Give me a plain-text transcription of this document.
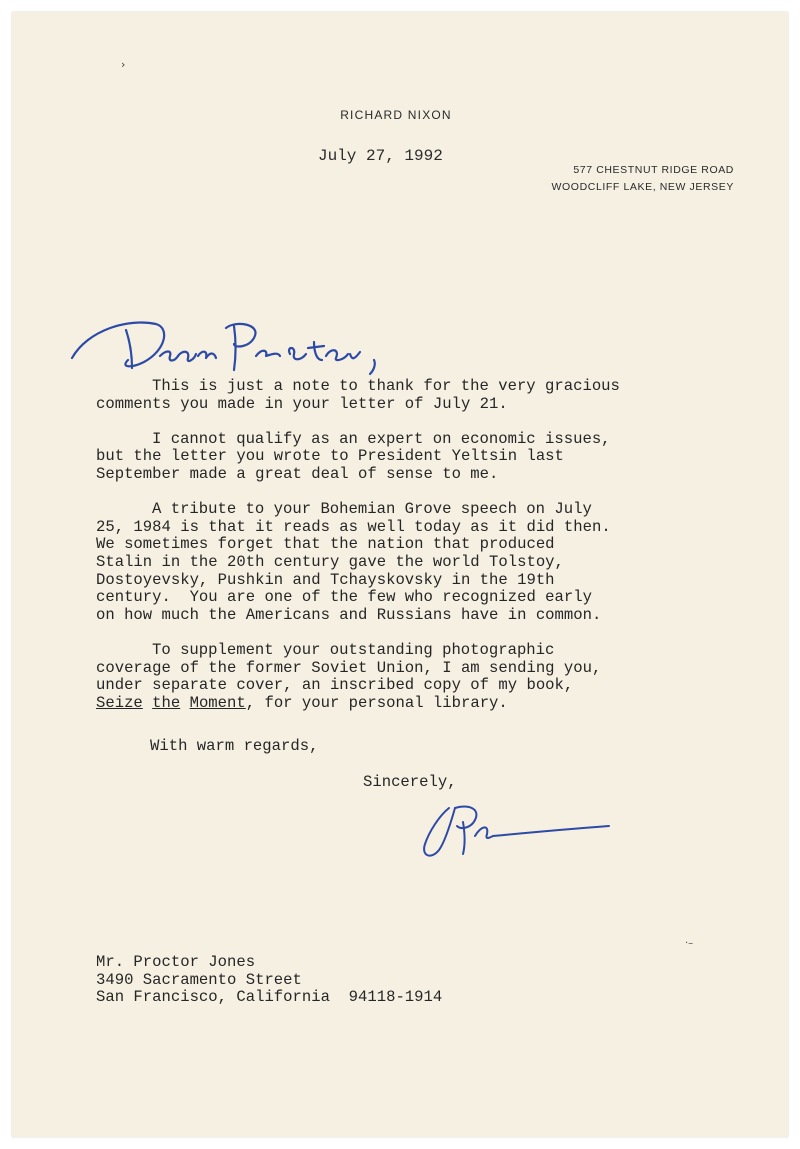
›
·–
RICHARD NIXON

July 27, 1992

577 CHESTNUT RIDGE ROAD
WOODCLIFF LAKE, NEW JERSEY

This is just a note to thank for the very gracious
comments you made in your letter of July 21.

I cannot qualify as an expert on economic issues,
but the letter you wrote to President Yeltsin last
September made a great deal of sense to me.

A tribute to your Bohemian Grove speech on July
25, 1984 is that it reads as well today as it did then.
We sometimes forget that the nation that produced
Stalin in the 20th century gave the world Tolstoy,
Dostoyevsky, Pushkin and Tchayskovsky in the 19th
century.  You are one of the few who recognized early
on how much the Americans and Russians have in common.

To supplement your outstanding photographic
coverage of the former Soviet Union, I am sending you,
under separate cover, an inscribed copy of my book,
Seize the Moment, for your personal library.

With warm regards,

Sincerely,

Mr. Proctor Jones
3490 Sacramento Street
San Francisco, California  94118-1914
